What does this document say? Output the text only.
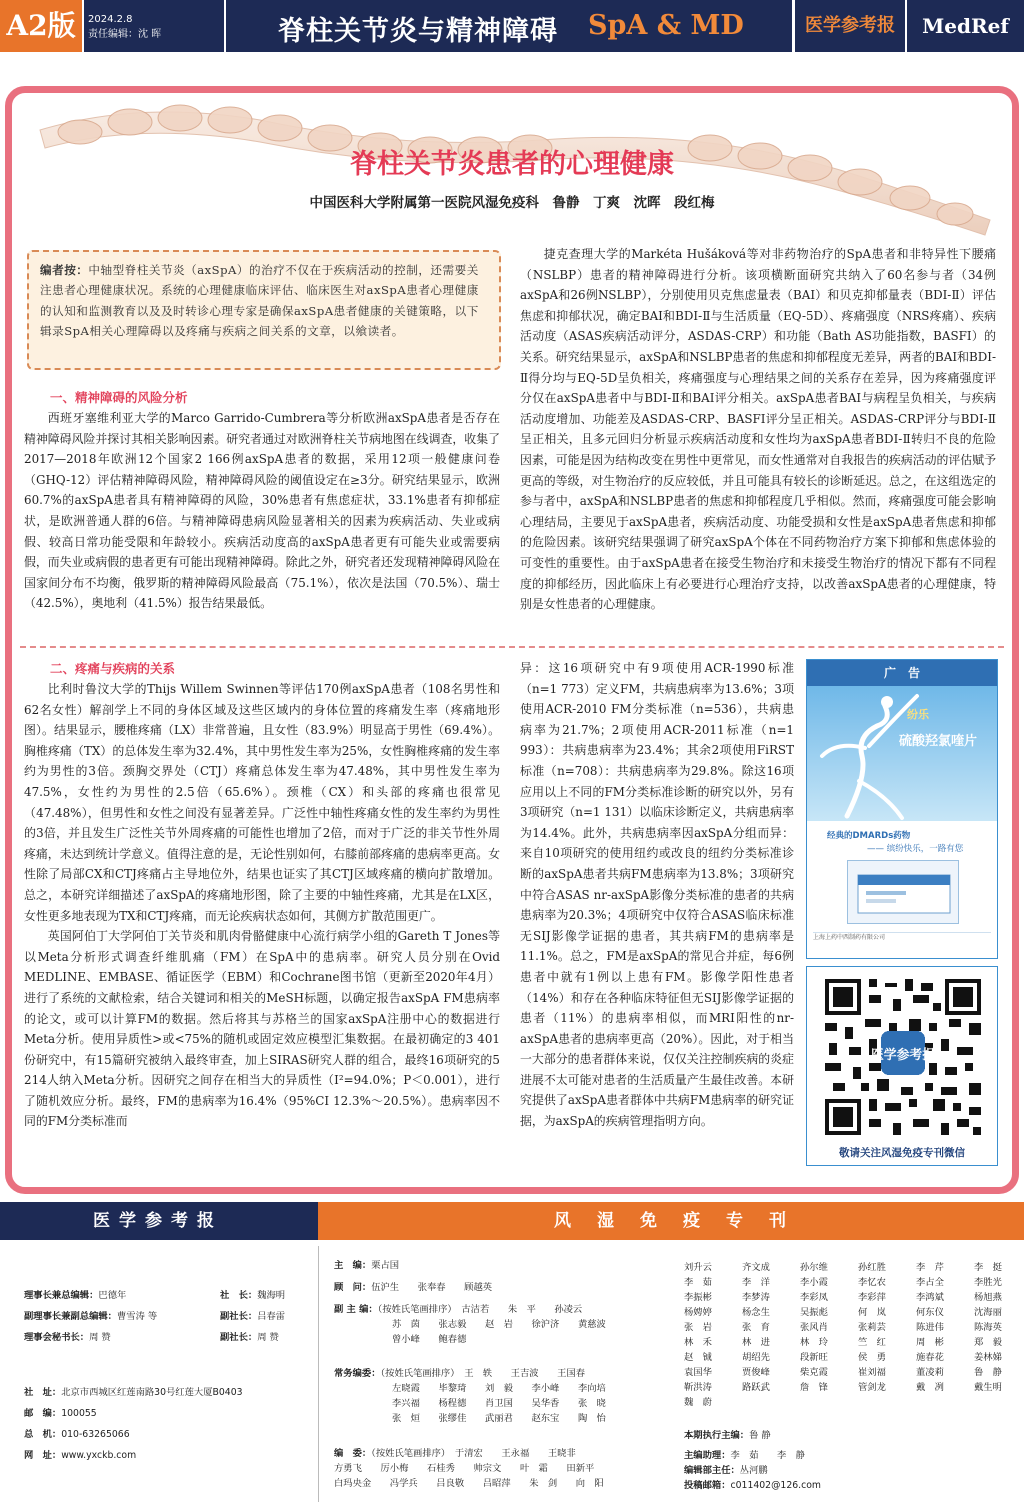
A2版	2024.2.8
责任编辑：沈 晖	脊柱关节炎与精神障碍 SpA & MD	医学参考报	MedRef
脊柱关节炎患者的心理健康
中国医科大学附属第一医院风湿免疫科　鲁静　丁爽　沈晖　段红梅
编者按：中轴型脊柱关节炎（axSpA）的治疗不仅在于疾病活动的控制，还需要关注患者心理健康状况。系统的心理健康临床评估、临床医生对axSpA患者心理健康的认知和监测教育以及及时转诊心理专家是确保axSpA患者健康的关键策略，以下辑录SpA相关心理障碍以及疼痛与疾病之间关系的文章，以飨读者。
一、精神障碍的风险分析

西班牙塞维利亚大学的Marco Garrido-Cumbrera等分析欧洲axSpA患者是否存在精神障碍风险并探讨其相关影响因素。研究者通过对欧洲脊柱关节病地图在线调查，收集了2017—2018年欧洲12个国家2 166例axSpA患者的数据，采用12项一般健康问卷（GHQ-12）评估精神障碍风险，精神障碍风险的阈值设定在≥3分。研究结果显示，欧洲60.7%的axSpA患者具有精神障碍的风险，30%患者有焦虑症状，33.1%患者有抑郁症状，是欧洲普通人群的6倍。与精神障碍患病风险显著相关的因素为疾病活动、失业或病假、较高日常功能受限和年龄较小。疾病活动度高的axSpA患者更有可能失业或需要病假，而失业或病假的患者更有可能出现精神障碍。除此之外，研究者还发现精神障碍风险在国家间分布不均衡，俄罗斯的精神障碍风险最高（75.1%），依次是法国（70.5%）、瑞士（42.5%），奥地利（41.5%）报告结果最低。

捷克查理大学的Markéta Hušáková等对非药物治疗的SpA患者和非特异性下腰痛（NSLBP）患者的精神障碍进行分析。该项横断面研究共纳入了60名参与者（34例axSpA和26例NSLBP），分别使用贝克焦虑量表（BAI）和贝克抑郁量表（BDI-Ⅱ）评估焦虑和抑郁状况，确定BAI和BDI-Ⅱ与生活质量（EQ-5D）、疼痛强度（NRS疼痛）、疾病活动度（ASAS疾病活动评分，ASDAS-CRP）和功能（Bath AS功能指数，BASFI）的关系。研究结果显示，axSpA和NSLBP患者的焦虑和抑郁程度无差异，两者的BAI和BDI-Ⅱ得分均与EQ-5D呈负相关，疼痛强度与心理结果之间的关系存在差异，因为疼痛强度评分仅在axSpA患者中与BDI-Ⅱ和BAI评分相关。axSpA患者BAI与病程呈负相关，与疾病活动度增加、功能差及ASDAS-CRP、BASFI评分呈正相关。ASDAS-CRP评分与BDI-Ⅱ呈正相关，且多元回归分析显示疾病活动度和女性均为axSpA患者BDI-Ⅱ转归不良的危险因素，可能是因为结构改变在男性中更常见，而女性通常对自我报告的疾病活动的评估赋予更高的等级，对生物治疗的反应较低，并且可能具有较长的诊断延迟。总之，在这组选定的参与者中，axSpA和NSLBP患者的焦虑和抑郁程度几乎相似。然而，疼痛强度可能会影响心理结局，主要见于axSpA患者，疾病活动度、功能受损和女性是axSpA患者焦虑和抑郁的危险因素。该研究结果强调了研究axSpA个体在不同药物治疗方案下抑郁和焦虑体验的可变性的重要性。由于axSpA患者在接受生物治疗和未接受生物治疗的情况下都有不同程度的抑郁经历，因此临床上有必要进行心理治疗支持，以改善axSpA患者的心理健康，特别是女性患者的心理健康。

二、疼痛与疾病的关系

比利时鲁汶大学的Thijs Willem Swinnen等评估170例axSpA患者（108名男性和62名女性）解剖学上不同的身体区域及这些区域内的身体位置的疼痛发生率（疼痛地形图）。结果显示，腰椎疼痛（LX）非常普遍，且女性（83.9%）明显高于男性（69.4%）。胸椎疼痛（TX）的总体发生率为32.4%，其中男性发生率为25%，女性胸椎疼痛的发生率约为男性的3倍。颈胸交界处（CTJ）疼痛总体发生率为47.48%，其中男性发生率为47.5%，女性约为男性的2.5倍（65.6%）。颈椎（CX）和头部的疼痛也很常见（47.48%），但男性和女性之间没有显著差异。广泛性中轴性疼痛女性的发生率约为男性的3倍，并且发生广泛性关节外周疼痛的可能性也增加了2倍，而对于广泛的非关节性外周疼痛，未达到统计学意义。值得注意的是，无论性别如何，右膝前部疼痛的患病率更高。女性除了局部CX和CTJ疼痛占主导地位外，结果也证实了其CTJ区域疼痛的横向扩散增加。总之，本研究详细描述了axSpA的疼痛地形图，除了主要的中轴性疼痛，尤其是在LX区，女性更多地表现为TX和CTJ疼痛，而无论疾病状态如何，其侧方扩散范围更广。

英国阿伯丁大学阿伯丁关节炎和肌肉骨骼健康中心流行病学小组的Gareth T Jones等以Meta分析形式调查纤维肌痛（FM）在SpA中的患病率。研究人员分别在Ovid MEDLINE、EMBASE、循证医学（EBM）和Cochrane图书馆（更新至2020年4月）进行了系统的文献检索，结合关键词和相关的MeSH标题，以确定报告axSpA FM患病率的论文，或可以计算FM的数据。然后将其与苏格兰的国家axSpA注册中心的数据进行Meta分析。使用异质性>或<75%的随机或固定效应模型汇集数据。在最初确定的3 401份研究中，有15篇研究被纳入最终审查，加上SIRAS研究人群的组合，最终16项研究的5 214人纳入Meta分析。因研究之间存在相当大的异质性（I²=94.0%；P＜0.001），进行了随机效应分析。最终，FM的患病率为16.4%（95%CI 12.3%～20.5%）。患病率因不同的FM分类标准而

异：这16项研究中有9项使用ACR-1990标准（n=1 773）定义FM，共病患病率为13.6%；3项使用ACR-2010 FM分类标准（n=536），共病患病率为21.7%；2项使用ACR-2011标准（n=1 993）：共病患病率为23.4%；其余2项使用FiRST标准（n=708）：共病患病率为29.8%。除这16项应用以上不同的FM分类标准诊断的研究以外，另有3项研究（n=1 131）以临床诊断定义，共病患病率为14.4%。此外，共病患病率因axSpA分组而异：来自10项研究的使用纽约或改良的纽约分类标准诊断的axSpA患者共病FM患病率为13.8%；3项研究中符合ASAS nr-axSpA影像分类标准的患者的共病患病率为20.3%；4项研究中仅符合ASAS临床标准无SIJ影像学证据的患者，其共病FM的患病率是11.1%。总之，FM是axSpA的常见合并症，每6例患者中就有1例以上患有FM。影像学阳性患者（14%）和存在各种临床特征但无SIJ影像学证据的患者（11%）的患病率相似，而MRI阳性的nr-axSpA患者的患病率更高（20%）。因此，对于相当一大部分的患者群体来说，仅仅关注控制疾病的炎症进展不太可能对患者的生活质量产生最佳改善。本研究提供了axSpA患者群体中共病FM患病率的研究证据，为axSpA的疾病管理指明方向。

广　告
纷乐
硫酸羟氯喹片
经典的DMARDs药物
—— 缤纷快乐，一路有您
上海上药中西制药有限公司
医学参考报
敬请关注风湿免疫专刊微信
医学参考报	风湿免疫专刊
理事长兼总编辑：巴德年	社　长：魏海明
副理事长兼副总编辑：曹雪涛 等	副社长：吕春雷
理事会秘书长：周 赞	副社长：周 赞
社　址：北京市西城区红莲南路30号红莲大厦B0403
邮　编：100055
总　机：010-63265066
网　址：www.yxckb.com
主　编：栗占国
顾　问：伍沪生　　张奉春　　顾越英
副 主 编：（按姓氏笔画排序）　 古洁若　　朱　平　　孙凌云
苏　茵　　张志毅　　赵　岩　　徐沪济　　黄慈波
曾小峰　　鲍春德
常务编委：（按姓氏笔画排序）　 王　轶　　王吉波　　王国春
左晓霞　　毕黎琦　　刘　毅　　李小峰　　李向培
李兴福　　杨程德　　肖卫国　　吴华香　　张　晓
张　烜　　张缪佳　　武丽君　　赵东宝　　陶　怡
编　委：（按姓氏笔画排序）　 于清宏　　王永福　　王晓非
方勇飞　　厉小梅　　石桂秀　　帅宗文　　叶　霜　　田新平
白玛央金　　冯学兵　　吕良敬　　吕昭萍　　朱　剑　　向　阳
刘升云	齐文成	孙尔维	孙红胜	李　芹	李　挺
李　茹	李　洋	李小霞	李忆农	李占全	李胜光
李振彬	李梦涛	李彩凤	李彩萍	李鸿斌	杨旭燕
杨娉婷	杨念生	吴振彪	何　岚	何东仪	沈海丽
张　岩	张　育	张风肖	张莉芸	陈进伟	陈海英
林　禾	林　进	林　玲	竺　红	周　彬	郑　毅
赵　铖	胡绍先	段新旺	侯　勇	施春花	姜林娣
袁国华	贾俊峰	柴克霞	崔刘福	董凌莉	鲁　静
靳洪涛	路跃武	詹　锋	管剑龙	戴　冽	戴生明
魏　蔚
本期执行主编：鲁 静
主编助理：李　茹　　李　静
编辑部主任：丛河鹏
投稿邮箱：c011402@126.com
